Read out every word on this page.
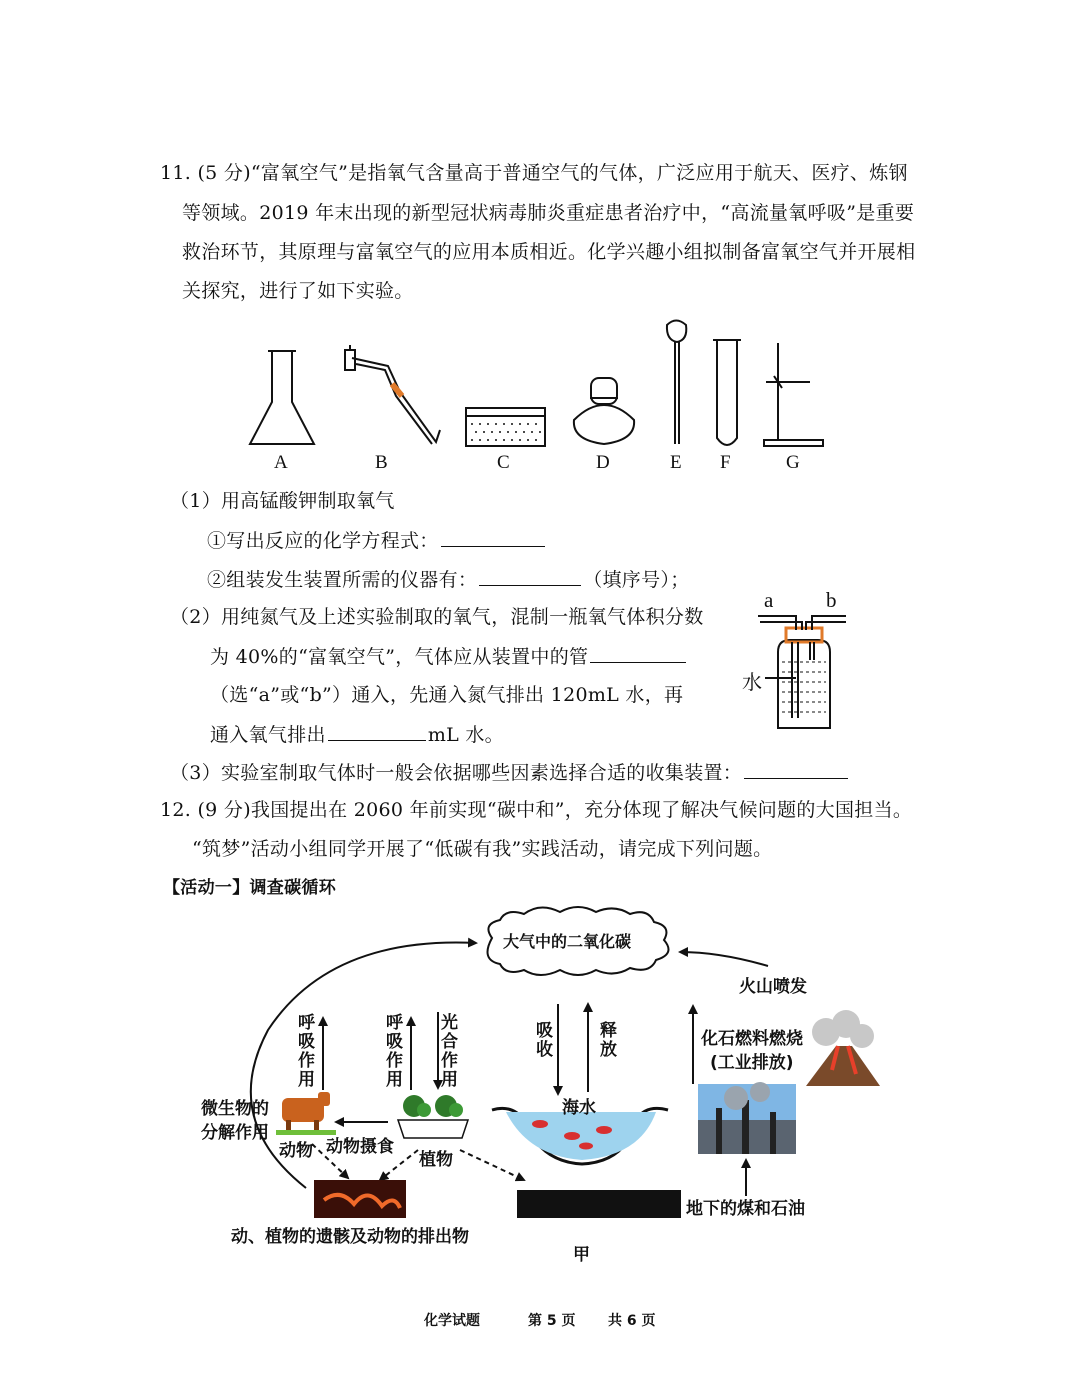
11. (5 分)“富氧空气”是指氧气含量高于普通空气的气体，广泛应用于航天、医疗、炼钢
等领域。2019 年末出现的新型冠状病毒肺炎重症患者治疗中，“高流量氧呼吸”是重要
救治环节，其原理与富氧空气的应用本质相近。化学兴趣小组拟制备富氧空气并开展相
关探究，进行了如下实验。
A	B	C	D	E F	G
（1）用高锰酸钾制取氧气
①写出反应的化学方程式：
②组装发生装置所需的仪器有：	（填序号）；
（2）用纯氮气及上述实验制取的氧气，混制一瓶氧气体积分数
为 40%的“富氧空气”，气体应从装置中的管
（选“a”或“b”）通入，先通入氮气排出 120mL 水，再
通入氧气排出	mL 水。
a	b
水
（3）实验室制取气体时一般会依据哪些因素选择合适的收集装置：
12. (9 分)我国提出在 2060 年前实现“碳中和”，充分体现了解决气候问题的大国担当。
“筑梦”活动小组同学开展了“低碳有我”实践活动，请完成下列问题。
【活动一】调查碳循环
大气中的二氧化碳
火山喷发
呼吸作用
呼吸作用
光合作用
吸收
释放
化石燃料燃烧
(工业排放)
微生物的
分解作用
海水
动物 动物摄食
植物
地下的煤和石油
动、植物的遗骸及动物的排出物
甲
化学试题	第 5 页 共 6 页
